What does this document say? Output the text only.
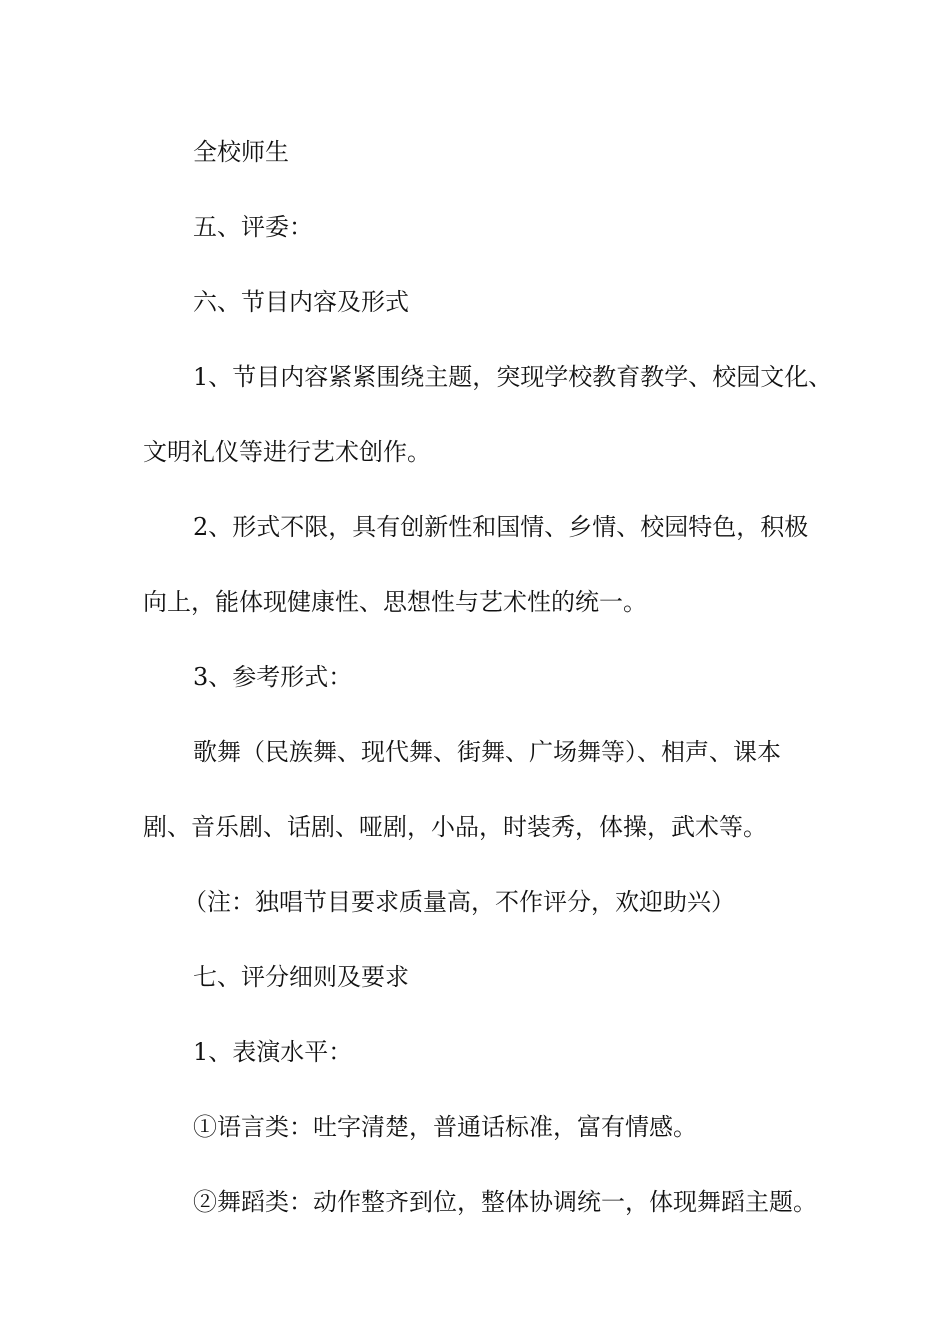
全校师生
五、评委：
六、节目内容及形式
1、节目内容紧紧围绕主题，突现学校教育教学、校园文化、
文明礼仪等进行艺术创作。
2、形式不限，具有创新性和国情、乡情、校园特色，积极
向上，能体现健康性、思想性与艺术性的统一。
3、参考形式：
歌舞（民族舞、现代舞、街舞、广场舞等）、相声、课本
剧、音乐剧、话剧、哑剧，小品，时装秀，体操，武术等。
（注：独唱节目要求质量高，不作评分，欢迎助兴）
七、评分细则及要求
1、表演水平：
①语言类：吐字清楚，普通话标准，富有情感。
②舞蹈类：动作整齐到位，整体协调统一，体现舞蹈主题。
